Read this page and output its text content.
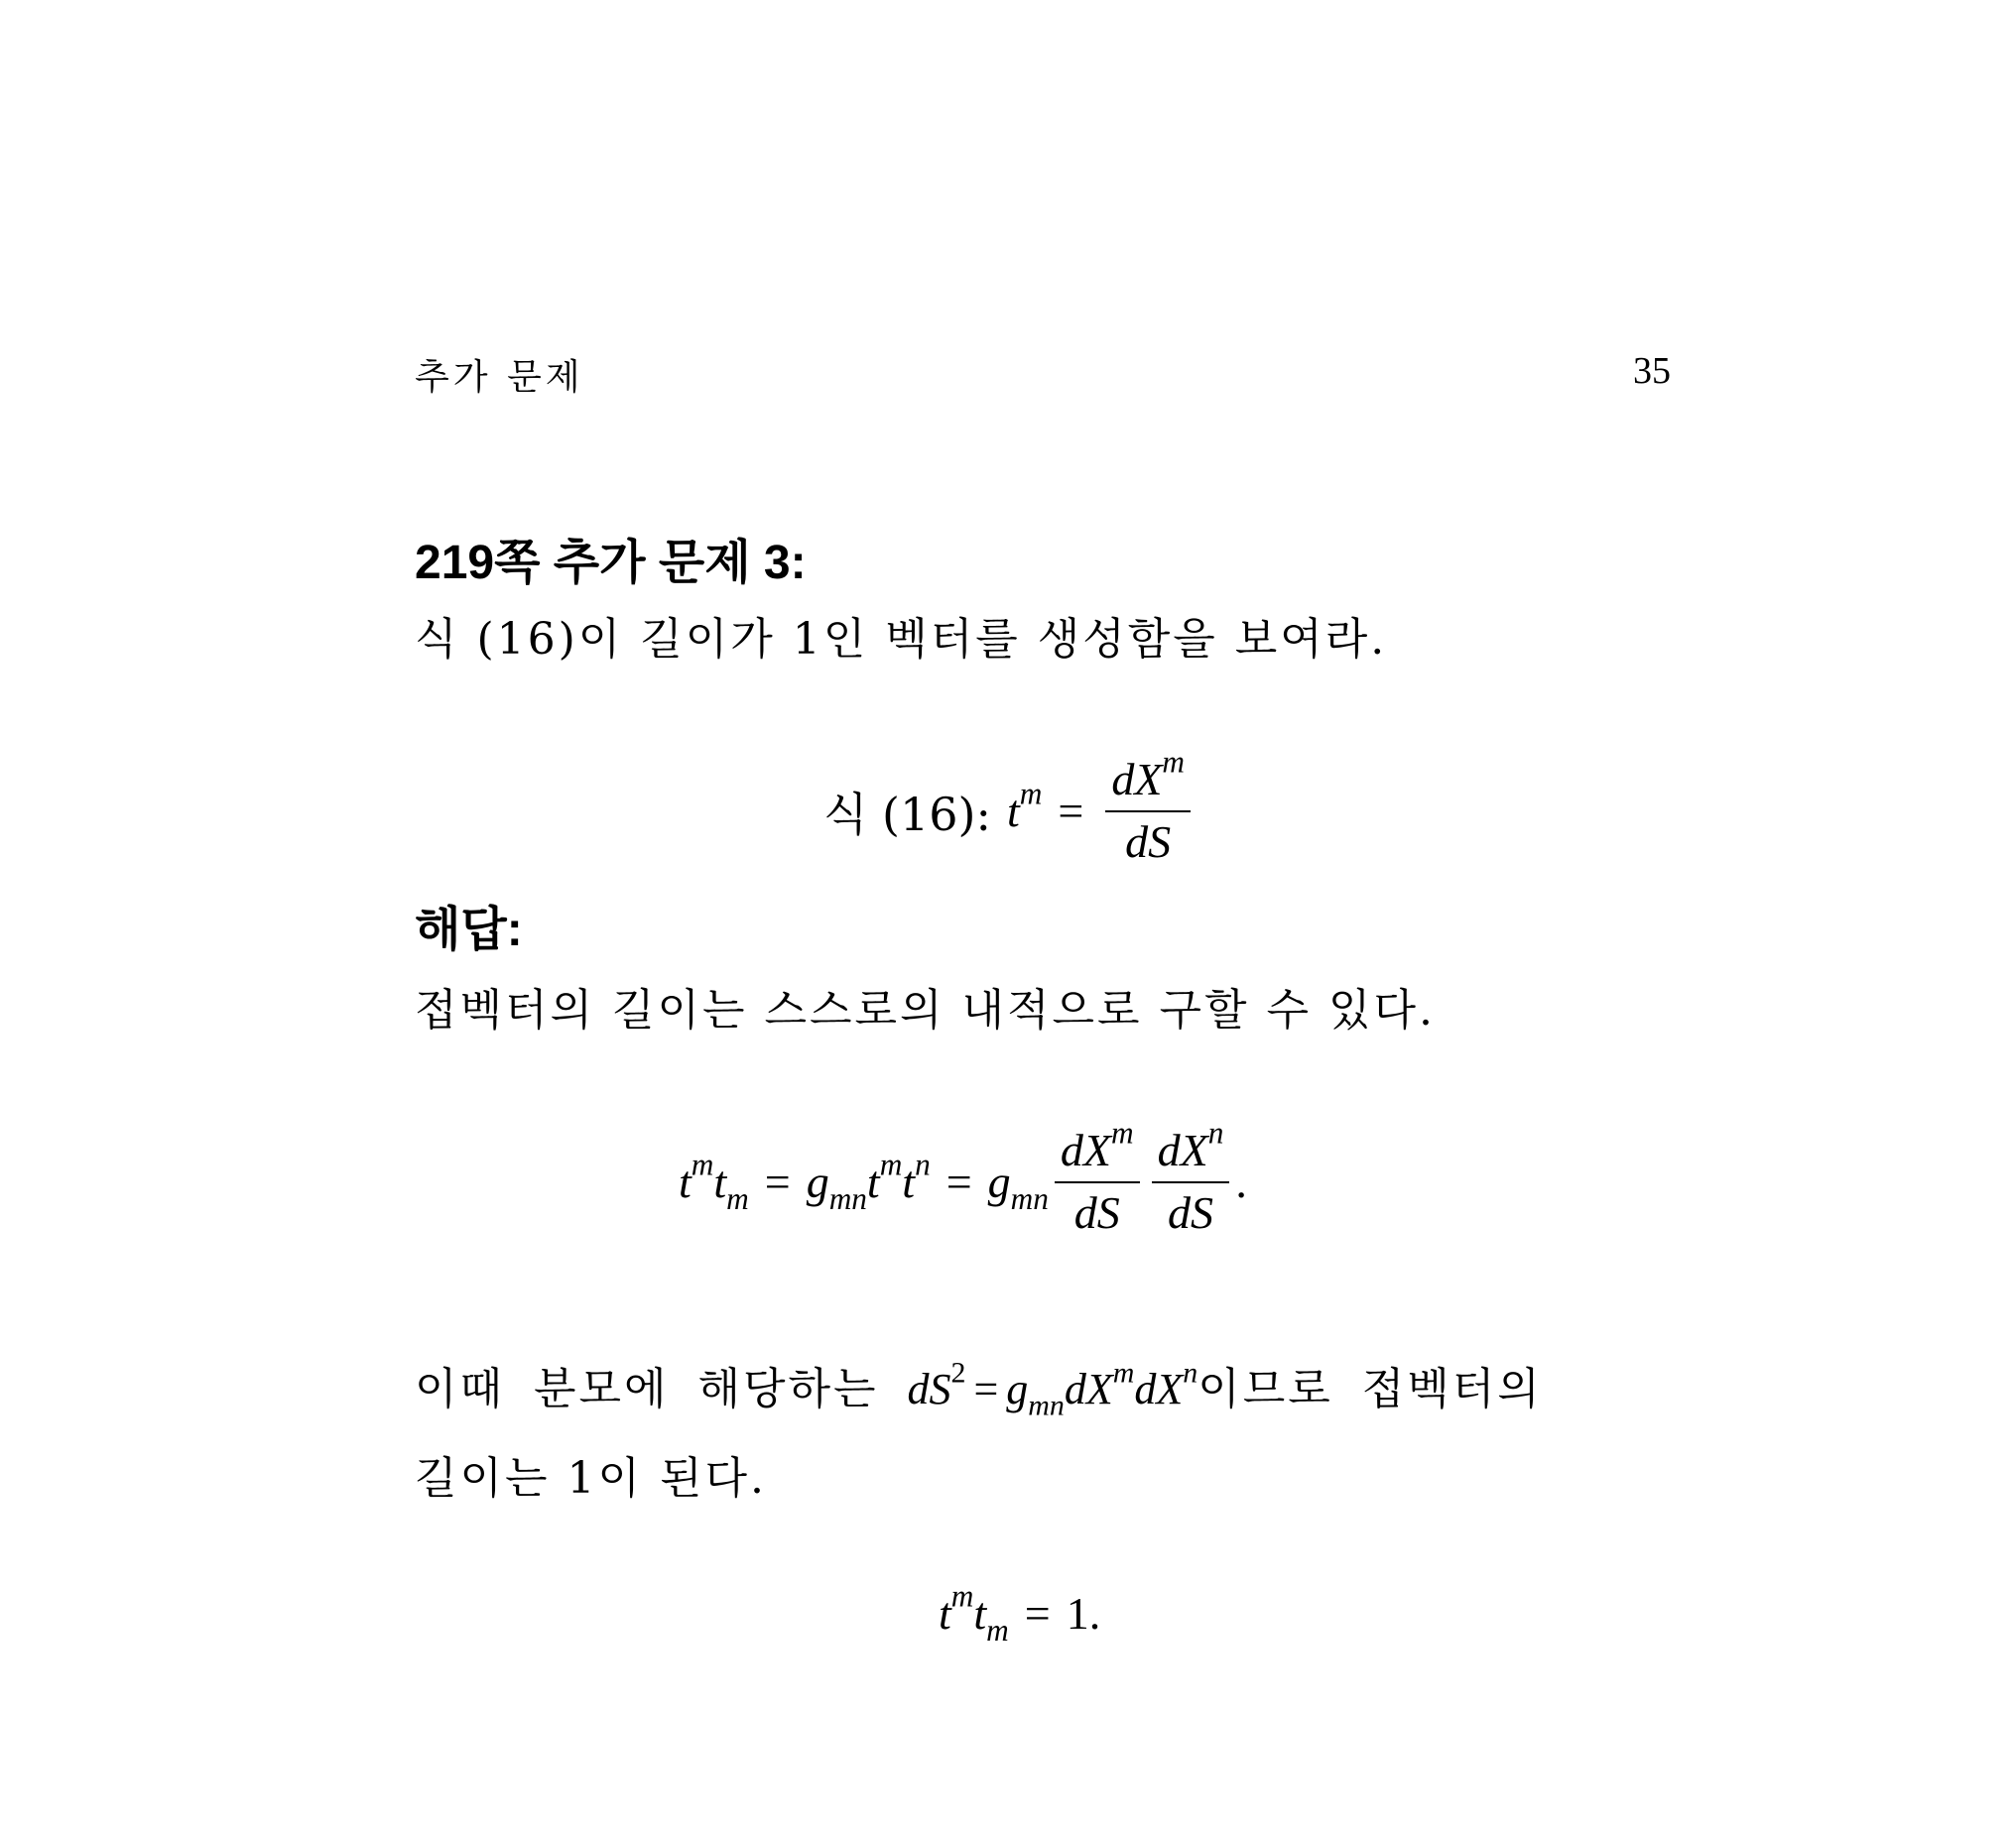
추가 문제	35
219쪽 추가 문제 3:
식 (16)이 길이가 1인 벡터를 생성함을 보여라.
식 (16): $t^m = \frac{dX^m}{dS}$
해답:
접벡터의 길이는 스스로의 내적으로 구할 수 있다.
$t^mt_m = g_{mn}t^mt^n = g_{mn} \frac{dX^m}{dS} \frac{dX^n}{dS}$ .
이때 분모에 해당하는 $dS^2 = g_{mn}dX^mdX^n$이므로 접벡터의
길이는 1이 된다.
$t^mt_m = 1$ .
